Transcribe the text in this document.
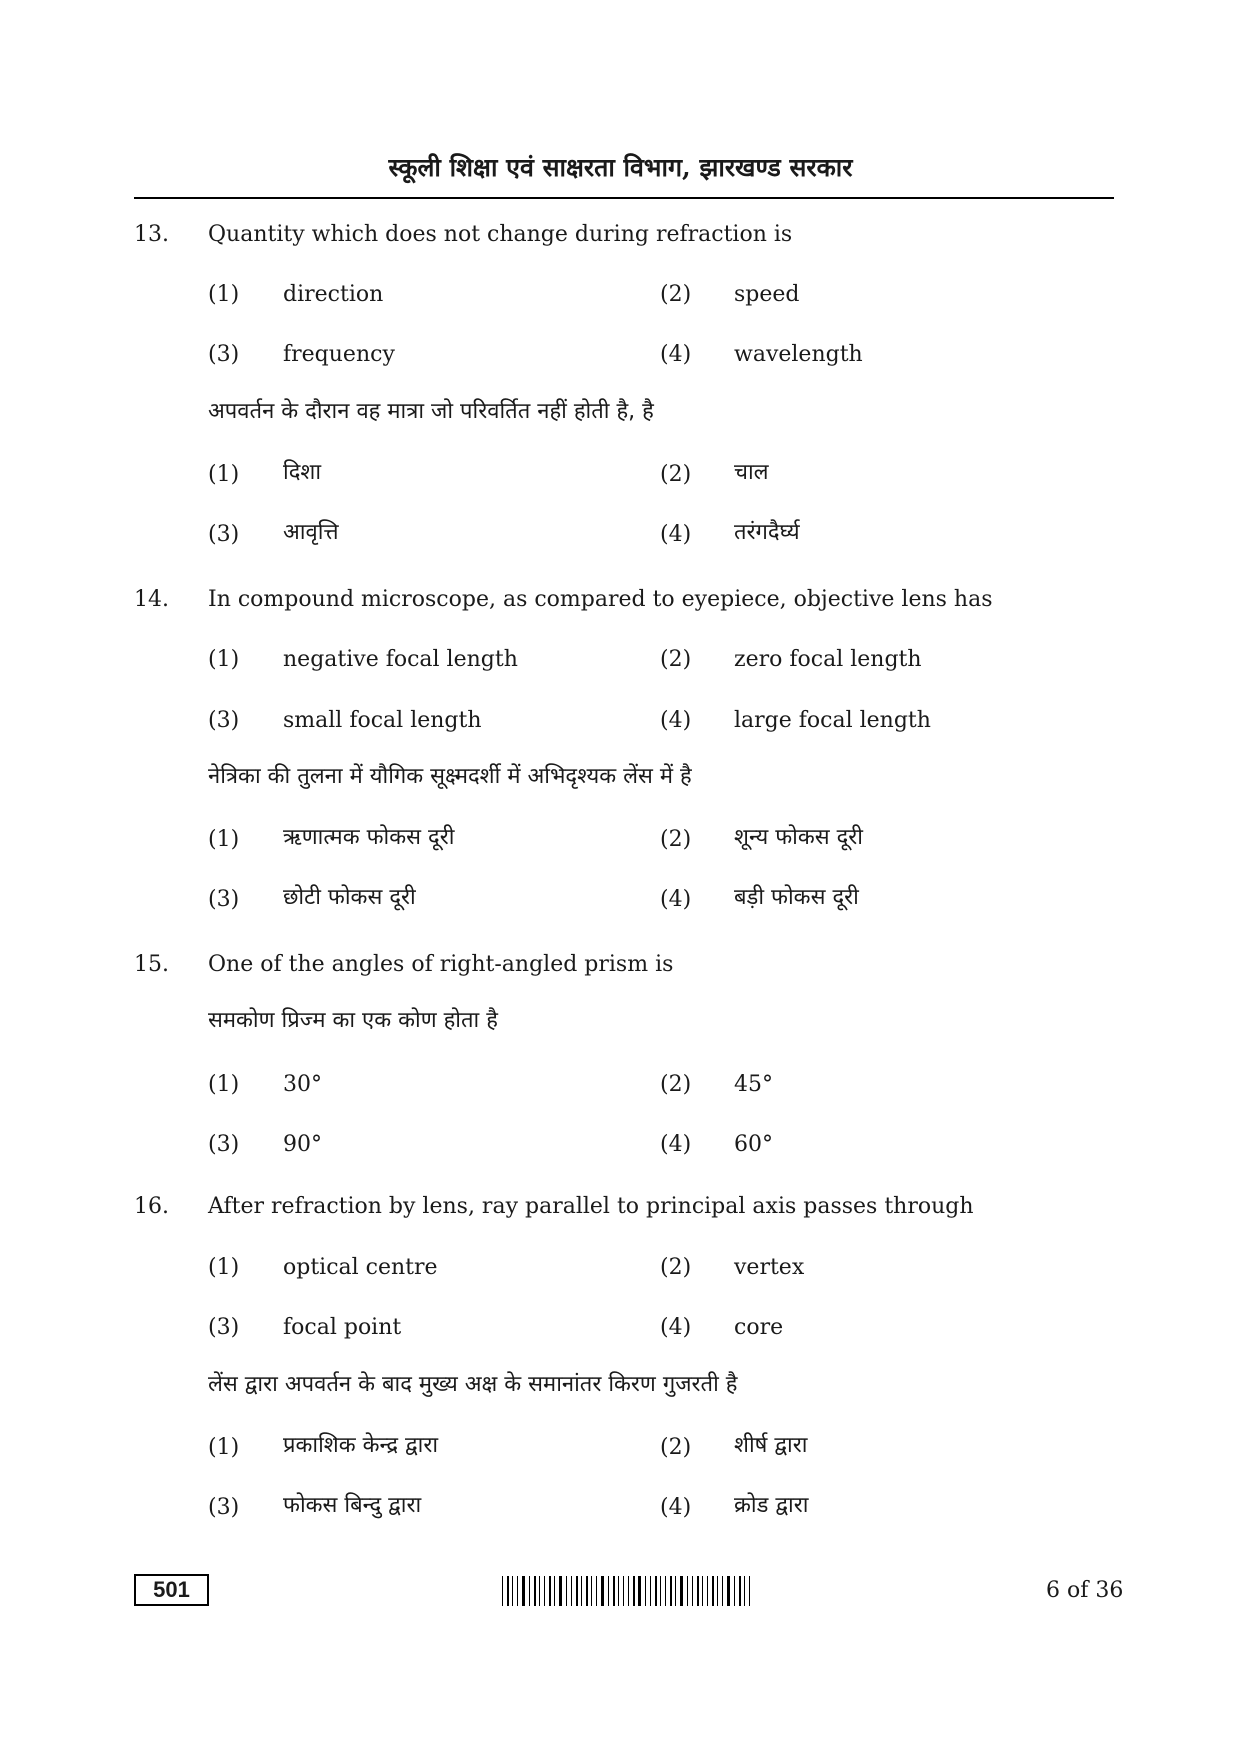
स्कूली शिक्षा एवं साक्षरता विभाग, झारखण्ड सरकार
13. Quantity which does not change during refraction is
(1) direction	(2) speed
(3) frequency	(4) wavelength
अपवर्तन के दौरान वह मात्रा जो परिवर्तित नहीं होती है, है
(1) दिशा	(2) चाल
(3) आवृत्ति	(4) तरंगदैर्घ्य
14. In compound microscope, as compared to eyepiece, objective lens has
(1) negative focal length	(2) zero focal length
(3) small focal length	(4) large focal length
नेत्रिका की तुलना में यौगिक सूक्ष्मदर्शी में अभिदृश्यक लेंस में है
(1) ऋणात्मक फोकस दूरी	(2) शून्य फोकस दूरी
(3) छोटी फोकस दूरी	(4) बड़ी फोकस दूरी
15. One of the angles of right-angled prism is
समकोण प्रिज्म का एक कोण होता है
(1) 30°	(2) 45°
(3) 90°	(4) 60°
16. After refraction by lens, ray parallel to principal axis passes through
(1) optical centre	(2) vertex
(3) focal point	(4) core
लेंस द्वारा अपवर्तन के बाद मुख्य अक्ष के समानांतर किरण गुजरती है
(1) प्रकाशिक केन्द्र द्वारा	(2) शीर्ष द्वारा
(3) फोकस बिन्दु द्वारा	(4) क्रोड द्वारा
501	6 of 36
